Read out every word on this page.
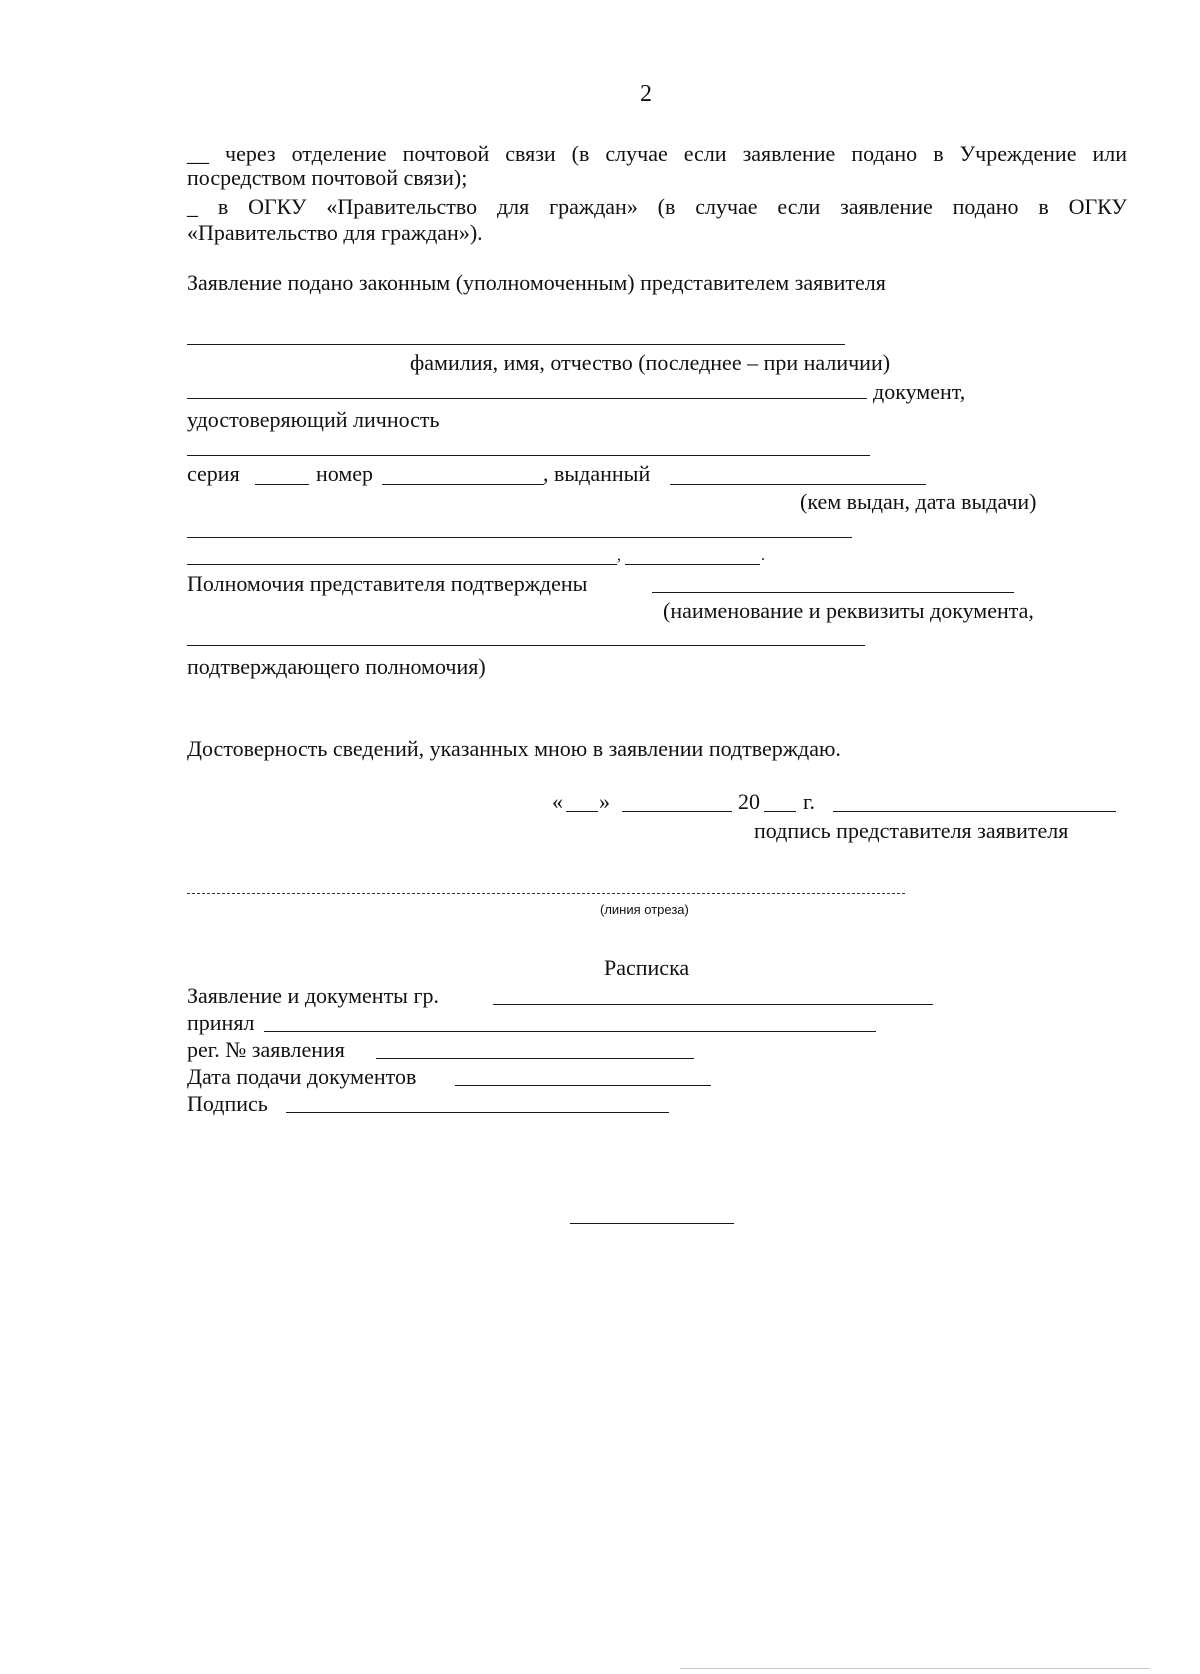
2
__ через отделение почтовой связи (в случае если заявление подано в Учреждение или
посредством почтовой связи);
_ в ОГКУ «Правительство для граждан» (в случае если заявление подано в ОГКУ
«Правительство для граждан»).
Заявление подано законным (уполномоченным) представителем заявителя
фамилия, имя, отчество (последнее – при наличии)
документ,
удостоверяющий личность
серия	номер	, выданный
(кем выдан, дата выдачи)
,	.
Полномочия представителя подтверждены
(наименование и реквизиты документа,
подтверждающего полномочия)
Достоверность сведений, указанных мною в заявлении подтверждаю.
« »	20 г.
подпись представителя заявителя
(линия отреза)
Расписка
Заявление и документы гр.
принял
рег. № заявления
Дата подачи документов
Подпись
